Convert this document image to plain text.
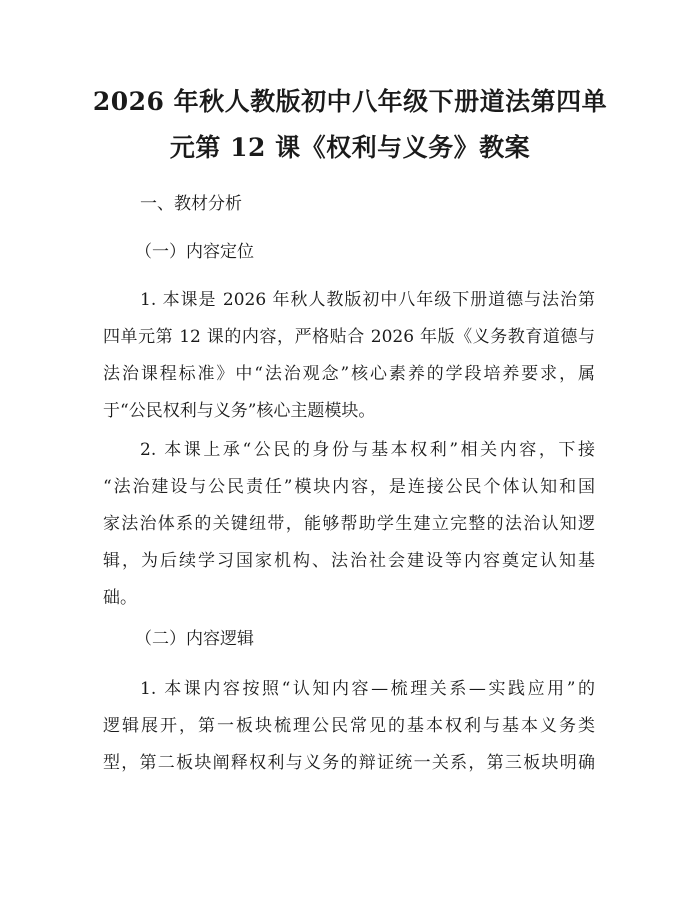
2026 年秋人教版初中八年级下册道法第四单
元第 12 课《权利与义务》教案
一、教材分析
（一）内容定位
1. 本课是 2026 年秋人教版初中八年级下册道德与法治第
四单元第 12 课的内容，严格贴合 2026 年版《义务教育道德与
法治课程标准》中“法治观念”核心素养的学段培养要求，属
于“公民权利与义务”核心主题模块。
2. 本课上承“公民的身份与基本权利”相关内容，下接
“法治建设与公民责任”模块内容，是连接公民个体认知和国
家法治体系的关键纽带，能够帮助学生建立完整的法治认知逻
辑，为后续学习国家机构、法治社会建设等内容奠定认知基
础。
（二）内容逻辑
1. 本课内容按照“认知内容—梳理关系—实践应用”的
逻辑展开，第一板块梳理公民常见的基本权利与基本义务类
型，第二板块阐释权利与义务的辩证统一关系，第三板块明确
